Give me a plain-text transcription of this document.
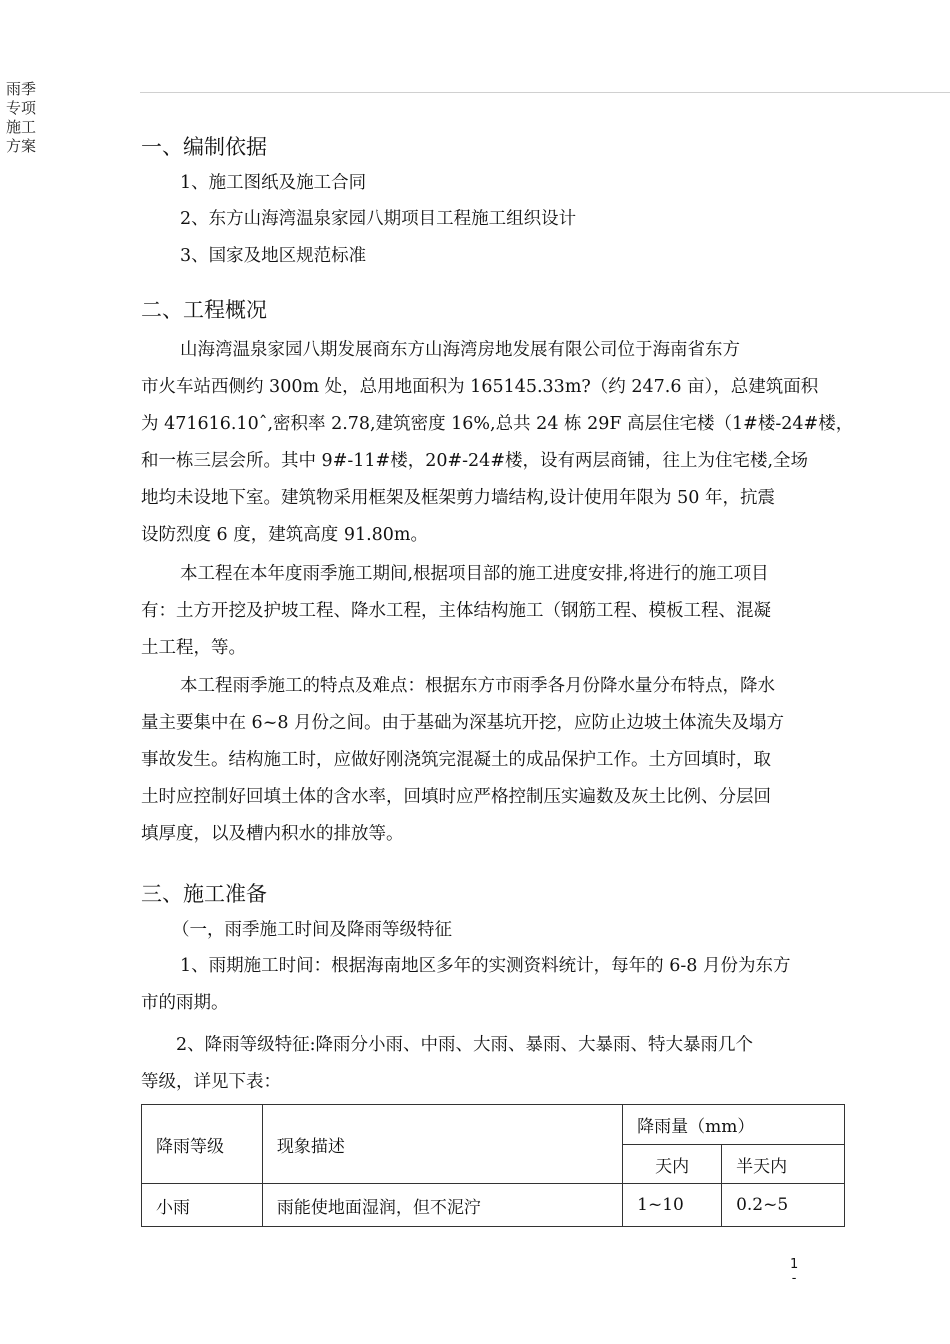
雨季专项施工方案	一、编制依据
1、施工图纸及施工合同
2、东方山海湾温泉家园八期项目工程施工组织设计
3、国家及地区规范标准
二、工程概况
山海湾温泉家园八期发展商东方山海湾房地发展有限公司位于海南省东方
市火车站西侧约 300m 处，总用地面积为 165145.33m?（约 247.6 亩），总建筑面积
为 471616.10ˆ,密积率 2.78,建筑密度 16%,总共 24 栋 29F 高层住宅楼（1#楼-24#楼，
和一栋三层会所。其中 9#-11#楼，20#-24#楼，设有两层商铺，往上为住宅楼,全场
地均未设地下室。建筑物采用框架及框架剪力墙结构,设计使用年限为 50 年，抗震
设防烈度 6 度，建筑高度 91.80m。
本工程在本年度雨季施工期间,根据项目部的施工进度安排,将进行的施工项目
有：土方开挖及护坡工程、降水工程，主体结构施工（钢筋工程、模板工程、混凝
土工程，等。
本工程雨季施工的特点及难点：根据东方市雨季各月份降水量分布特点，降水
量主要集中在 6~8 月份之间。由于基础为深基坑开挖，应防止边坡土体流失及塌方
事故发生。结构施工时，应做好刚浇筑完混凝土的成品保护工作。土方回填时，取
土时应控制好回填土体的含水率，回填时应严格控制压实遍数及灰土比例、分层回
填厚度，以及槽内积水的排放等。
三、施工准备
（一，雨季施工时间及降雨等级特征
1、雨期施工时间：根据海南地区多年的实测资料统计，每年的 6-8 月份为东方
市的雨期。
2、降雨等级特征:降雨分小雨、中雨、大雨、暴雨、大暴雨、特大暴雨几个
等级，详见下表：
降雨等级	现象描述	降雨量（mm）	
		天内	半天内
小雨	雨能使地面湿润，但不泥泞	1~10	0.2~5
1
-
